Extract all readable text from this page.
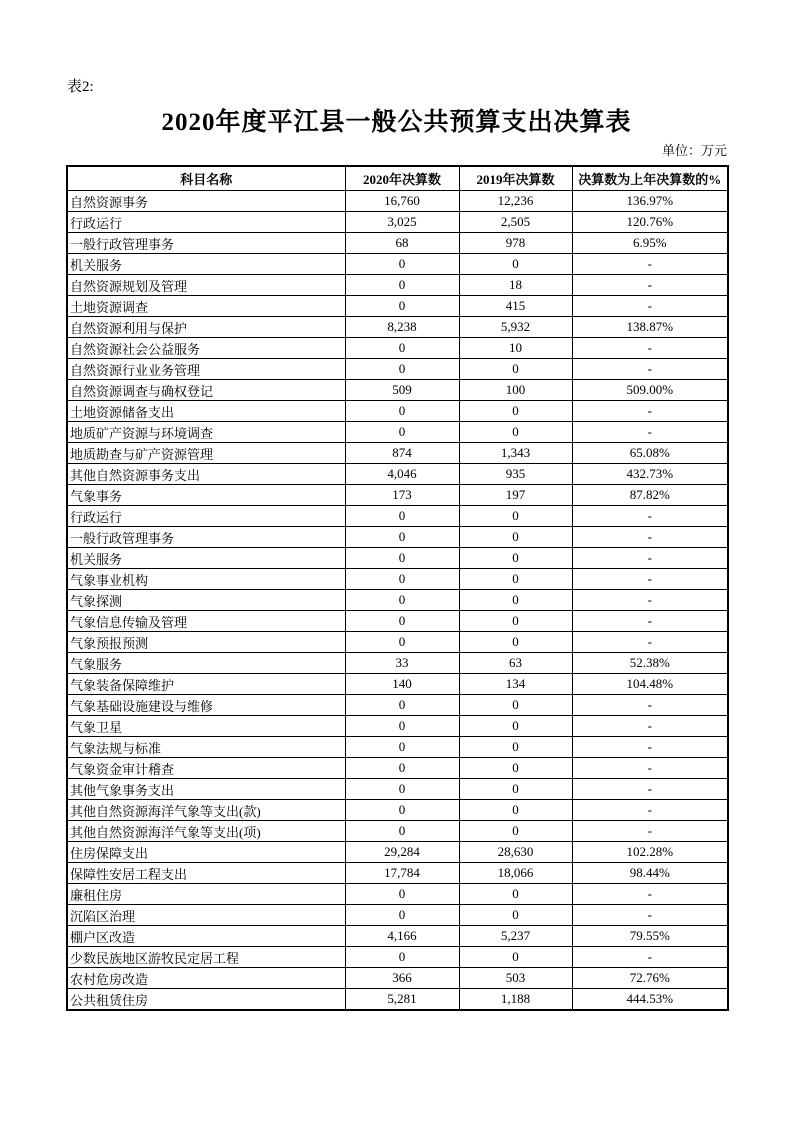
表2:
2020年度平江县一般公共预算支出决算表
单位：万元
科目名称	2020年决算数	2019年决算数	决算数为上年决算数的%
自然资源事务	16,760	12,236	136.97%
行政运行	3,025	2,505	120.76%
一般行政管理事务	68	978	6.95%
机关服务	0	0	-
自然资源规划及管理	0	18	-
土地资源调查	0	415	-
自然资源利用与保护	8,238	5,932	138.87%
自然资源社会公益服务	0	10	-
自然资源行业业务管理	0	0	-
自然资源调查与确权登记	509	100	509.00%
土地资源储备支出	0	0	-
地质矿产资源与环境调查	0	0	-
地质勘查与矿产资源管理	874	1,343	65.08%
其他自然资源事务支出	4,046	935	432.73%
气象事务	173	197	87.82%
行政运行	0	0	-
一般行政管理事务	0	0	-
机关服务	0	0	-
气象事业机构	0	0	-
气象探测	0	0	-
气象信息传输及管理	0	0	-
气象预报预测	0	0	-
气象服务	33	63	52.38%
气象装备保障维护	140	134	104.48%
气象基础设施建设与维修	0	0	-
气象卫星	0	0	-
气象法规与标准	0	0	-
气象资金审计稽查	0	0	-
其他气象事务支出	0	0	-
其他自然资源海洋气象等支出(款)	0	0	-
其他自然资源海洋气象等支出(项)	0	0	-
住房保障支出	29,284	28,630	102.28%
保障性安居工程支出	17,784	18,066	98.44%
廉租住房	0	0	-
沉陷区治理	0	0	-
棚户区改造	4,166	5,237	79.55%
少数民族地区游牧民定居工程	0	0	-
农村危房改造	366	503	72.76%
公共租赁住房	5,281	1,188	444.53%
